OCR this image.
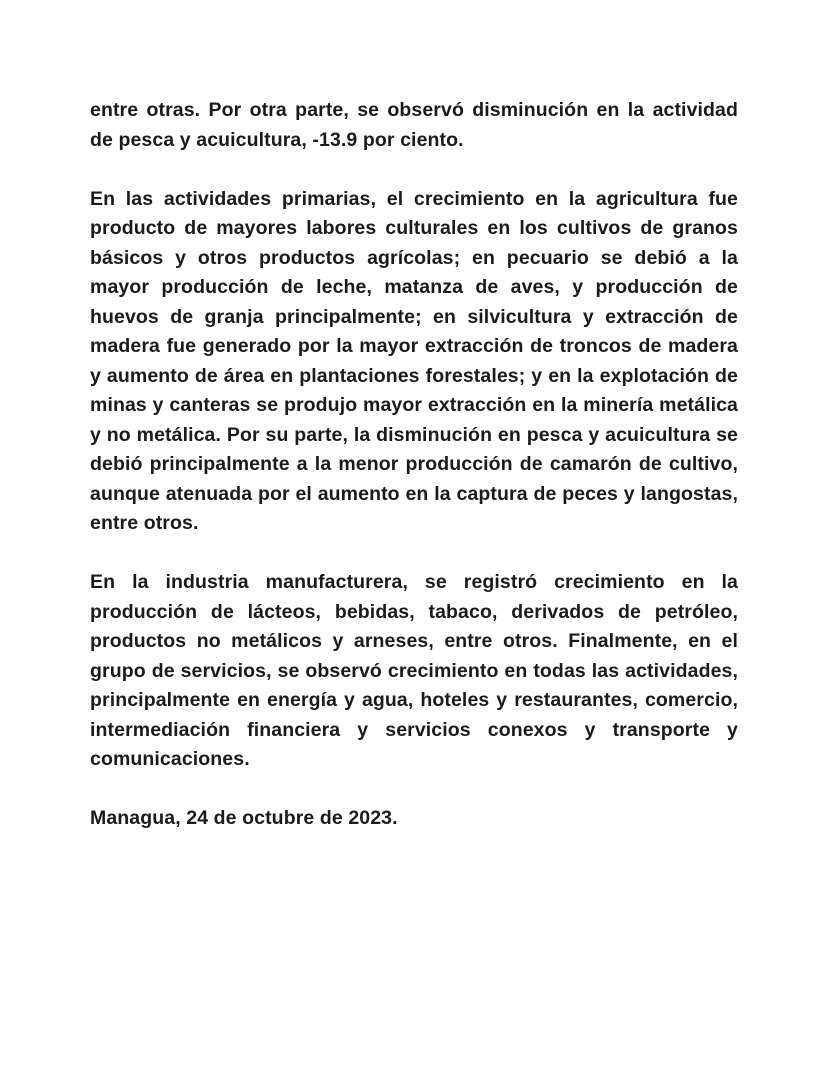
entre otras. Por otra parte, se observó disminución en la actividad de pesca y acuicultura, -13.9 por ciento.

En las actividades primarias, el crecimiento en la agricultura fue producto de mayores labores culturales en los cultivos de granos básicos y otros productos agrícolas; en pecuario se debió a la mayor producción de leche, matanza de aves, y producción de huevos de granja principalmente; en silvicultura y extracción de madera fue generado por la mayor extracción de troncos de madera y aumento de área en plantaciones forestales; y en la explotación de minas y canteras se produjo mayor extracción en la minería metálica y no metálica. Por su parte, la disminución en pesca y acuicultura se debió principalmente a la menor producción de camarón de cultivo, aunque atenuada por el aumento en la captura de peces y langostas, entre otros.

En la industria manufacturera, se registró crecimiento en la producción de lácteos, bebidas, tabaco, derivados de petróleo, productos no metálicos y arneses, entre otros. Finalmente, en el grupo de servicios, se observó crecimiento en todas las actividades, principalmente en energía y agua, hoteles y restaurantes, comercio, intermediación financiera y servicios conexos y transporte y comunicaciones.

Managua, 24 de octubre de 2023.
